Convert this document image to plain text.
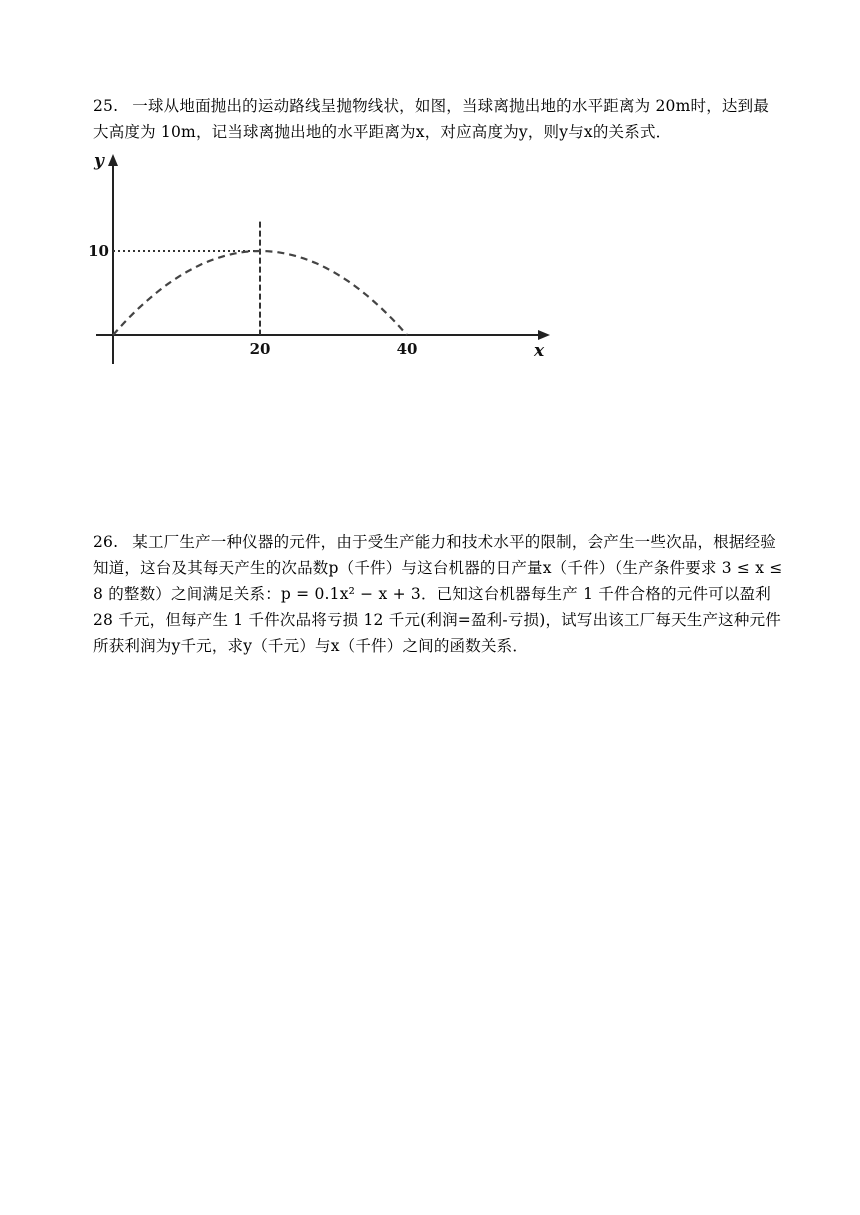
25. 一球从地面抛出的运动路线呈抛物线状，如图，当球离抛出地的水平距离为 20m时，达到最大高度为 10m，记当球离抛出地的水平距离为x，对应高度为y，则y与x的关系式．
y
x
10
20	40
26. 某工厂生产一种仪器的元件，由于受生产能力和技术水平的限制，会产生一些次品，根据经验知道，这台及其每天产生的次品数p（千件）与这台机器的日产量x（千件）（生产条件要求 3 ≤ x ≤ 8 的整数）之间满足关系：p = 0.1x² − x + 3．已知这台机器每生产 1 千件合格的元件可以盈利 28 千元，但每产生 1 千件次品将亏损 12 千元(利润=盈利-亏损)，试写出该工厂每天生产这种元件所获利润为y千元，求y（千元）与x（千件）之间的函数关系．
